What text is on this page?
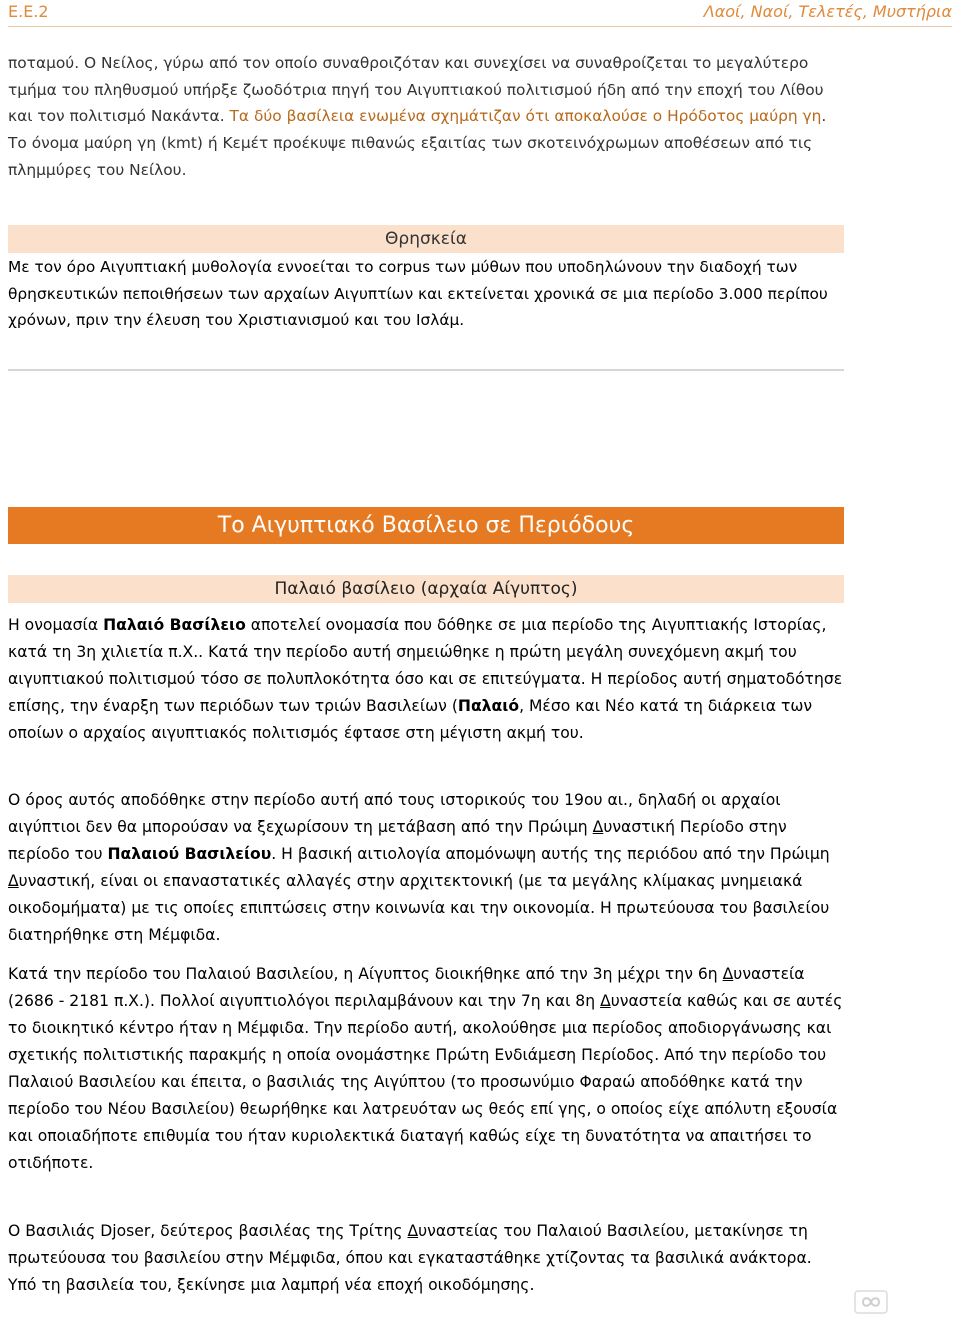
Ε.Ε.2	Λαοί, Ναοί, Τελετές, Μυστήρια

ποταμού. Ο Νείλος, γύρω από τον οποίο συναθροιζόταν και συνεχίσει να συναθροίζεται το μεγαλύτερο τμήμα του πληθυσμού υπήρξε ζωοδότρια πηγή του Αιγυπτιακού πολιτισμού ήδη από την εποχή του Λίθου και τον πολιτισμό Νακάντα. Τα δύο βασίλεια ενωμένα σχημάτιζαν ότι αποκαλούσε ο Ηρόδοτος μαύρη γη. Το όνομα μαύρη γη (kmt) ή Κεμέτ προέκυψε πιθανώς εξαιτίας των σκοτεινόχρωμων αποθέσεων από τις πλημμύρες του Νείλου.

Θρησκεία

Με τον όρο Αιγυπτιακή μυθολογία εννοείται το corpus των μύθων που υποδηλώνουν την διαδοχή των θρησκευτικών πεποιθήσεων των αρχαίων Αιγυπτίων και εκτείνεται χρονικά σε μια περίοδο 3.000 περίπου χρόνων, πριν την έλευση του Χριστιανισμού και του Ισλάμ.

Το Αιγυπτιακό Βασίλειο σε Περιόδους
Παλαιό βασίλειο (αρχαία Αίγυπτος)

Η ονομασία Παλαιό Βασίλειο αποτελεί ονομασία που δόθηκε σε μια περίοδο της Αιγυπτιακής Ιστορίας, κατά τη 3η χιλιετία π.Χ.. Κατά την περίοδο αυτή σημειώθηκε η πρώτη μεγάλη συνεχόμενη ακμή του αιγυπτιακού πολιτισμού τόσο σε πολυπλοκότητα όσο και σε επιτεύγματα. Η περίοδος αυτή σηματοδότησε επίσης, την έναρξη των περιόδων των τριών Βασιλείων (Παλαιό, Μέσο και Νέο κατά τη διάρκεια των οποίων ο αρχαίος αιγυπτιακός πολιτισμός έφτασε στη μέγιστη ακμή του.

Ο όρος αυτός αποδόθηκε στην περίοδο αυτή από τους ιστορικούς του 19ου αι., δηλαδή οι αρχαίοι αιγύπτιοι δεν θα μπορούσαν να ξεχωρίσουν τη μετάβαση από την Πρώιμη Δυναστική Περίοδο στην περίοδο του Παλαιού Βασιλείου. Η βασική αιτιολογία απομόνωψη αυτής της περιόδου από την Πρώιμη Δυναστική, είναι οι επαναστατικές αλλαγές στην αρχιτεκτονική (με τα μεγάλης κλίμακας μνημειακά οικοδομήματα) με τις οποίες επιπτώσεις στην κοινωνία και την οικονομία. Η πρωτεύουσα του βασιλείου διατηρήθηκε στη Μέμφιδα.

Κατά την περίοδο του Παλαιού Βασιλείου, η Αίγυπτος διοικήθηκε από την 3η μέχρι την 6η Δυναστεία (2686 - 2181 π.Χ.). Πολλοί αιγυπτιολόγοι περιλαμβάνουν και την 7η και 8η Δυναστεία καθώς και σε αυτές το διοικητικό κέντρο ήταν η Μέμφιδα. Την περίοδο αυτή, ακολούθησε μια περίοδος αποδιοργάνωσης και σχετικής πολιτιστικής παρακμής η οποία ονομάστηκε Πρώτη Ενδιάμεση Περίοδος. Από την περίοδο του Παλαιού Βασιλείου και έπειτα, ο βασιλιάς της Αιγύπτου (το προσωνύμιο Φαραώ αποδόθηκε κατά την περίοδο του Νέου Βασιλείου) θεωρήθηκε και λατρευόταν ως θεός επί γης, ο οποίος είχε απόλυτη εξουσία και οποιαδήποτε επιθυμία του ήταν κυριολεκτικά διαταγή καθώς είχε τη δυνατότητα να απαιτήσει το οτιδήποτε.

Ο Βασιλιάς Djoser, δεύτερος βασιλέας της Τρίτης Δυναστείας του Παλαιού Βασιλείου, μετακίνησε τη πρωτεύουσα του βασιλείου στην Μέμφιδα, όπου και εγκαταστάθηκε χτίζοντας τα βασιλικά ανάκτορα. Υπό τη βασιλεία του, ξεκίνησε μια λαμπρή νέα εποχή οικοδόμησης.
